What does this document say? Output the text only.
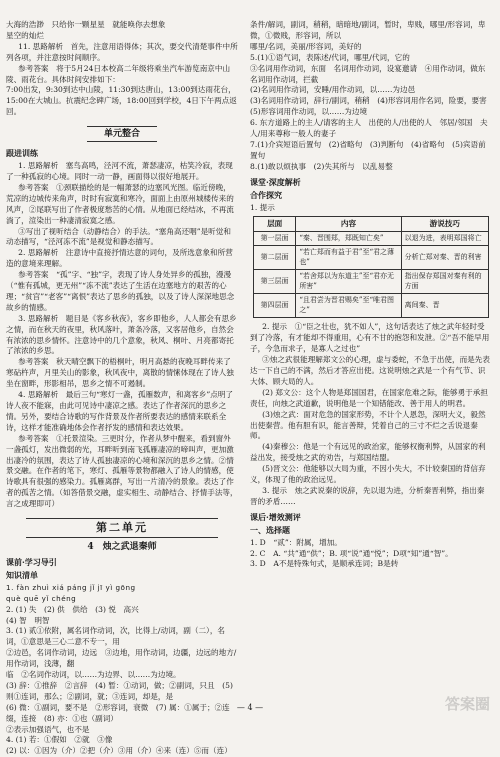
大海的浩渺　只给你一颗星星　就能唤你去想象

星空的灿烂

11. 思路解析　首先，注意用语得体；其次，要交代清楚事件中所列各项，并注意按时间顺序。

参考答案　将于5月24日本校高二年级将乘坐汽车游览南京中山陵、雨花台。具体时间安排如下：

7:00出发，9:30到达中山陵，11:30到达唐山，13:00到达雨花台，15:00在大城山。抗震纪念碑广场，18:00回到学校，4日下午两点返回。

单元整合
跟进训练

1. 思路解析　塞鸟高鸣，泾河不流，萧瑟凄凉，枯笑冷寂，表现了一种孤寂的心境。同时一动一静，画面得以很好地展开。

参考答案　①颈联描绘的是一幅萧瑟的边塞风光图。临近傍晚，荒凉的边城传来角声，时时有寂寞和寒冷，面面上由原州城楼传来的风声，②尾联写出了作者极度愁苦的心情。从地面已经结冰，不再流淌了，渲染出一种凄清寂寞之感。

③写出了视听结合（动静结合）的手法。“塞角高还咽”是听觉和动态描写，“泾河冻不流”是视觉和静态描写。

2. 思路解析　注意诗中直接抒情达意的词句，及所选意象和所营造的意境来理解。

参考答案　“孤”字、“独”字，表现了诗人身处异乡的孤独，漫漫（“惟有孤城，更无州”“冻不流”表达了生活在边塞地方的艰苦的心理；“贫宫”“老客”“离恨”表达了思乡的孤独，以及了诗人深深地思念故乡的情感。

3. 思路解析　题目是《客乡秋夜》，客乡即他乡，人人都会有思乡之情，而在秋天的夜里，秋风落叶，萧条冷落，又客居他乡，自然会有浓浓的思乡情怀。注意诗中的几个意象，秋风、桐叶、月亮都寄托了浓浓的乡思。

参考答案　秋天晴空飘下的梧桐叶，明月高悬的夜晚耳畔传来了寒砧杵声，月里关山的影象，秋风夜中，离散的情愫体现在了诗人独坐在窗畔，形影相吊，思乡之情不可遏制。

4. 思路解析　最后三句“寒灯一盏，孤雁数声，和离客乡”点明了诗人夜不能寐，由此可见诗中凄凉之感。表达了作者深沉的思乡之情。另外，要结合诗歌的写作背景及作者所要表达的感情来联系全诗，这样才能准确地体会作者抒发的感情和表达效果。

参考答案　①托景渲染。三更时分，作者从梦中醒来，看到窗外一盏孤灯，发出微弱的光，耳畔听到南飞孤雁凄凉的啼叫声，更加激出凄冷的氛围，表达了诗人孤独凄凉的心境和深沉的思乡之情。②情景交融。在作者的笔下，寒灯、孤雁等景物都融入了诗人的情感，使诗歌具有很强的感染力。孤雁离群，写出一片清冷的景象。表达了作者的孤苦之情。（如答借景交融，虚实相生、动静结合、抒情手法等，言之成理即可）

第二单元
4　烛之武退秦师
课前·学习导引
知识清单

1. fàn zhuì xiá páng jǐ jī yì gōng

què quē yǐ chéng

2. (1) 失　(2) 供　供给　(3) 悦　高兴

(4) 智　明智

3. (1) 贰①依附，属名词作动词，次，比得上/动词，副（二），名词，①意思是三心二意不专一，用

②边邑，名词作动词，边远　③边地，用作动词，边疆，边远的地方/用作动词，浅薄，翻

临　②名词作动词，以……为边界、以……为边境。

(3) 辞：①推辞　②言辞　(4) 暂：①动词，做；②副词，只且　(5) 则①连词，那么；②副词，就；③连词，却是，是

(6) 微：①副词，要不是　②形容词，衰微　(7) 属：①属于；②连缀，连接　(8) 亦：①也（副词）

②表示加强语气，也不是

4. (1) 若：①假如　②就　③像

(2) 以：①因为（介）②把（介）③用（介）④来（连）⑤而（连）

条件/解词，副词，稍稍，暗暗地/副词，暂时，卑贱，哪里/形容词，卑微，①微贱，形容词，所以

哪里/名词，美丽/形容词，美好的

5.(1)①语气词，表陈述/代词，哪里/代词，它的

③名词用作动词，东面　名词用作动词，设宴邀请　④用作动词，做东　名词用作动词，拦截

(2)名词用作动词，安睡/用作动词，以……为边邑

(3)名词用作动词，辞行/副词，稍稍　(4)形容词用作名词，险要，要害　(5)形容词用作动词，以……为边境

6. 东方道路上的主人/请客的主人　出使的人/出使的人　邻居/邻国　夫人/用来尊称一般人的妻子

7.(1)介宾短语后置句　(2)省略句　(3)判断句　(4)省略句　(5)宾语前置句

8.(1)敢以烦执事　(2)失其所与　以乱易整

课堂·深度解析
合作探究
1. 提示
层面	内容	游说技巧
第一层面	“秦、晋围郑，郑既知亡矣”	以退为进，表明郑国将亡
第二层面	“若亡郑而有益于君”至“君之薄也”	分析亡郑对秦、晋的利害
第三层面	“若舍郑以为东道主”至“君亦无所害”	指出保存郑国对秦有利的方面
第四层面	“且君尝为晋君赐矣”至“唯君图之”	离间秦、晋

2. 提示　①“臣之壮也，犹不如人”，这句话表达了烛之武年轻时受到了冷落，有才能却不得重用，心有不甘的抱怨和发泄。②“吾不能早用子，今急而求子，是寡人之过也”

③烛之武很能理解郑文公的心理，虚与委蛇，不急于出使，而是先表达一下自己的不满，然后才答应出使。这说明烛之武是一个有气节、识大体、顾大局的人。

(2) 郑文公：这个人物是郑国国君，在国家危难之际，能够勇于承担责任，向烛之武道歉，说明他是一个知错能改、善于用人的明君。

(3)烛之武：面对危急的国家形势，不计个人恩怨，深明大义，毅然出使秦营。他有胆有识，能言善辩，凭着自己的三寸不烂之舌说退秦师。

(4)秦穆公：他是一个有远见的政治家，能够权衡利弊，从国家的利益出发，接受烛之武的劝告，与郑国结盟。

(5)晋文公：他能够以大局为重，不因小失大，不计较秦国的背信弃义，体现了他的政治远见。

3. 提示　烛之武说秦的说辞，先以退为进，分析秦晋利弊，指出秦晋的矛盾……

课后·增效测评
一、选择题

1. D　“贰”：附属，增加。

2. C　A. “共”通“供”；B. 项“说”通“悦”；D项“知”通“智”。

3. D　A不是特殊句式，是顺承连词；B是转

— 4 —	答案圈
